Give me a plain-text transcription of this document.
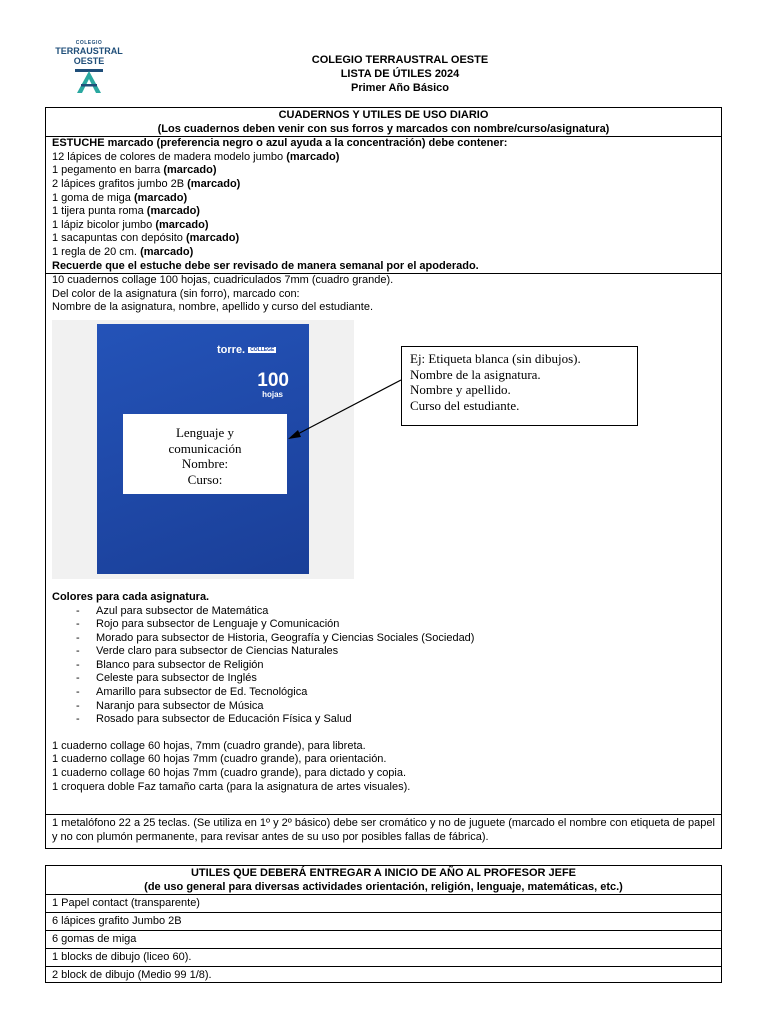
COLEGIO
TERRAUSTRAL
OESTE	COLEGIO TERRAUSTRAL OESTE
LISTA DE ÚTILES 2024
Primer Año Básico
CUADERNOS Y UTILES DE USO DIARIO
(Los cuadernos deben venir con sus forros y marcados con nombre/curso/asignatura)
ESTUCHE marcado (preferencia negro o azul ayuda a la concentración) debe contener:
12 lápices de colores de madera modelo jumbo (marcado)
1 pegamento en barra (marcado)
2 lápices grafitos jumbo 2B (marcado)
1 goma de miga (marcado)
1 tijera punta roma (marcado)
1 lápiz bicolor jumbo (marcado)
1 sacapuntas con depósito (marcado)
1 regla de 20 cm. (marcado)
Recuerde que el estuche debe ser revisado de manera semanal por el apoderado.
10 cuadernos collage 100 hojas, cuadriculados 7mm (cuadro grande).
Del color de la asignatura (sin forro), marcado con:
Nombre de la asignatura, nombre, apellido y curso del estudiante.
Colores para cada asignatura.
- Azul para subsector de Matemática
- Rojo para subsector de Lenguaje y Comunicación
- Morado para subsector de Historia, Geografía y Ciencias Sociales (Sociedad)
- Verde claro para subsector de Ciencias Naturales
- Blanco para subsector de Religión
- Celeste para subsector de Inglés
- Amarillo para subsector de Ed. Tecnológica
- Naranjo para subsector de Música
- Rosado para subsector de Educación Física y Salud
1 cuaderno collage 60 hojas, 7mm (cuadro grande), para libreta.
1 cuaderno collage 60 hojas 7mm (cuadro grande), para orientación.
1 cuaderno collage 60 hojas 7mm (cuadro grande), para dictado y copia.
1 croquera doble Faz tamaño carta (para la asignatura de artes visuales).
1 metalófono 22 a 25 teclas. (Se utiliza en 1º y 2º básico) debe ser cromático y no de juguete (marcado el nombre con etiqueta de papel y no con plumón permanente, para revisar antes de su uso por posibles fallas de fábrica).
torre. COLLEGE
100
hojas
Lenguaje y
comunicación
Nombre:
Curso:
Ej: Etiqueta blanca (sin dibujos).
Nombre de la asignatura.
Nombre y apellido.
Curso del estudiante.
UTILES QUE DEBERÁ ENTREGAR A INICIO DE AÑO AL PROFESOR JEFE
(de uso general para diversas actividades orientación, religión, lenguaje, matemáticas, etc.)
1 Papel contact (transparente)
6 lápices grafito Jumbo 2B
6 gomas de miga
1 blocks de dibujo (liceo 60).
2 block de dibujo (Medio 99 1/8).
